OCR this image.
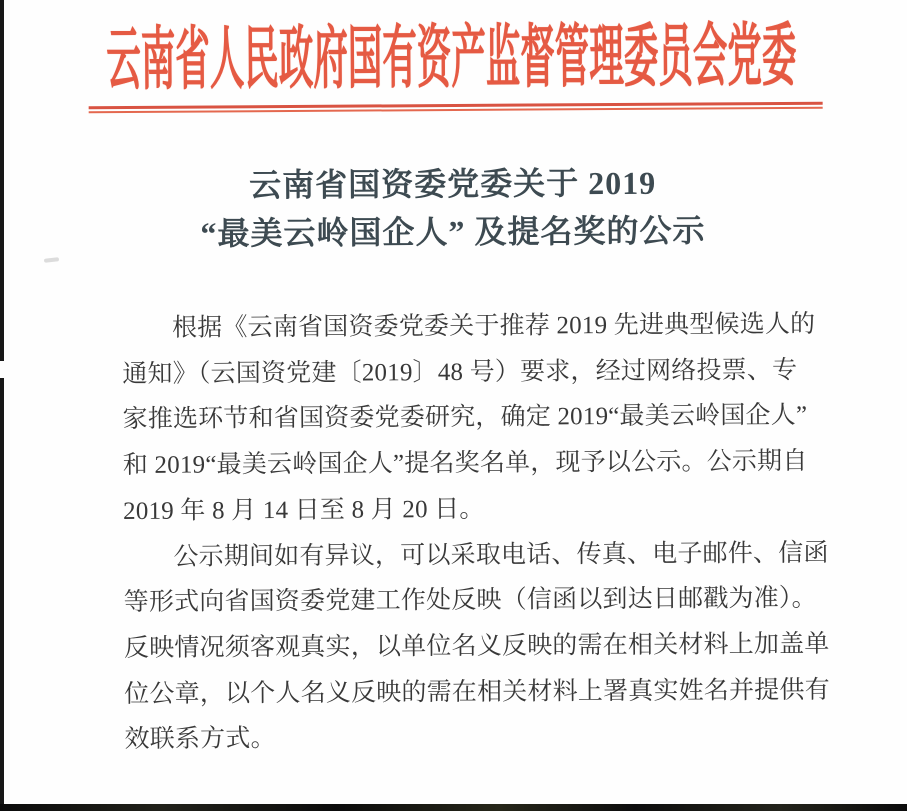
云南省人民政府国有资产监督管理委员会党委
云南省国资委党委关于 2019
“最美云岭国企人” 及提名奖的公示
根据《云南省国资委党委关于推荐 2019 先进典型候选人的
通知》（云国资党建〔2019〕48 号）要求，经过网络投票、专
家推选环节和省国资委党委研究，确定 2019“最美云岭国企人”
和 2019“最美云岭国企人”提名奖名单，现予以公示。公示期自
2019 年 8 月 14 日至 8 月 20 日。
公示期间如有异议，可以采取电话、传真、电子邮件、信函
等形式向省国资委党建工作处反映（信函以到达日邮戳为准）。
反映情况须客观真实，以单位名义反映的需在相关材料上加盖单
位公章，以个人名义反映的需在相关材料上署真实姓名并提供有
效联系方式。
